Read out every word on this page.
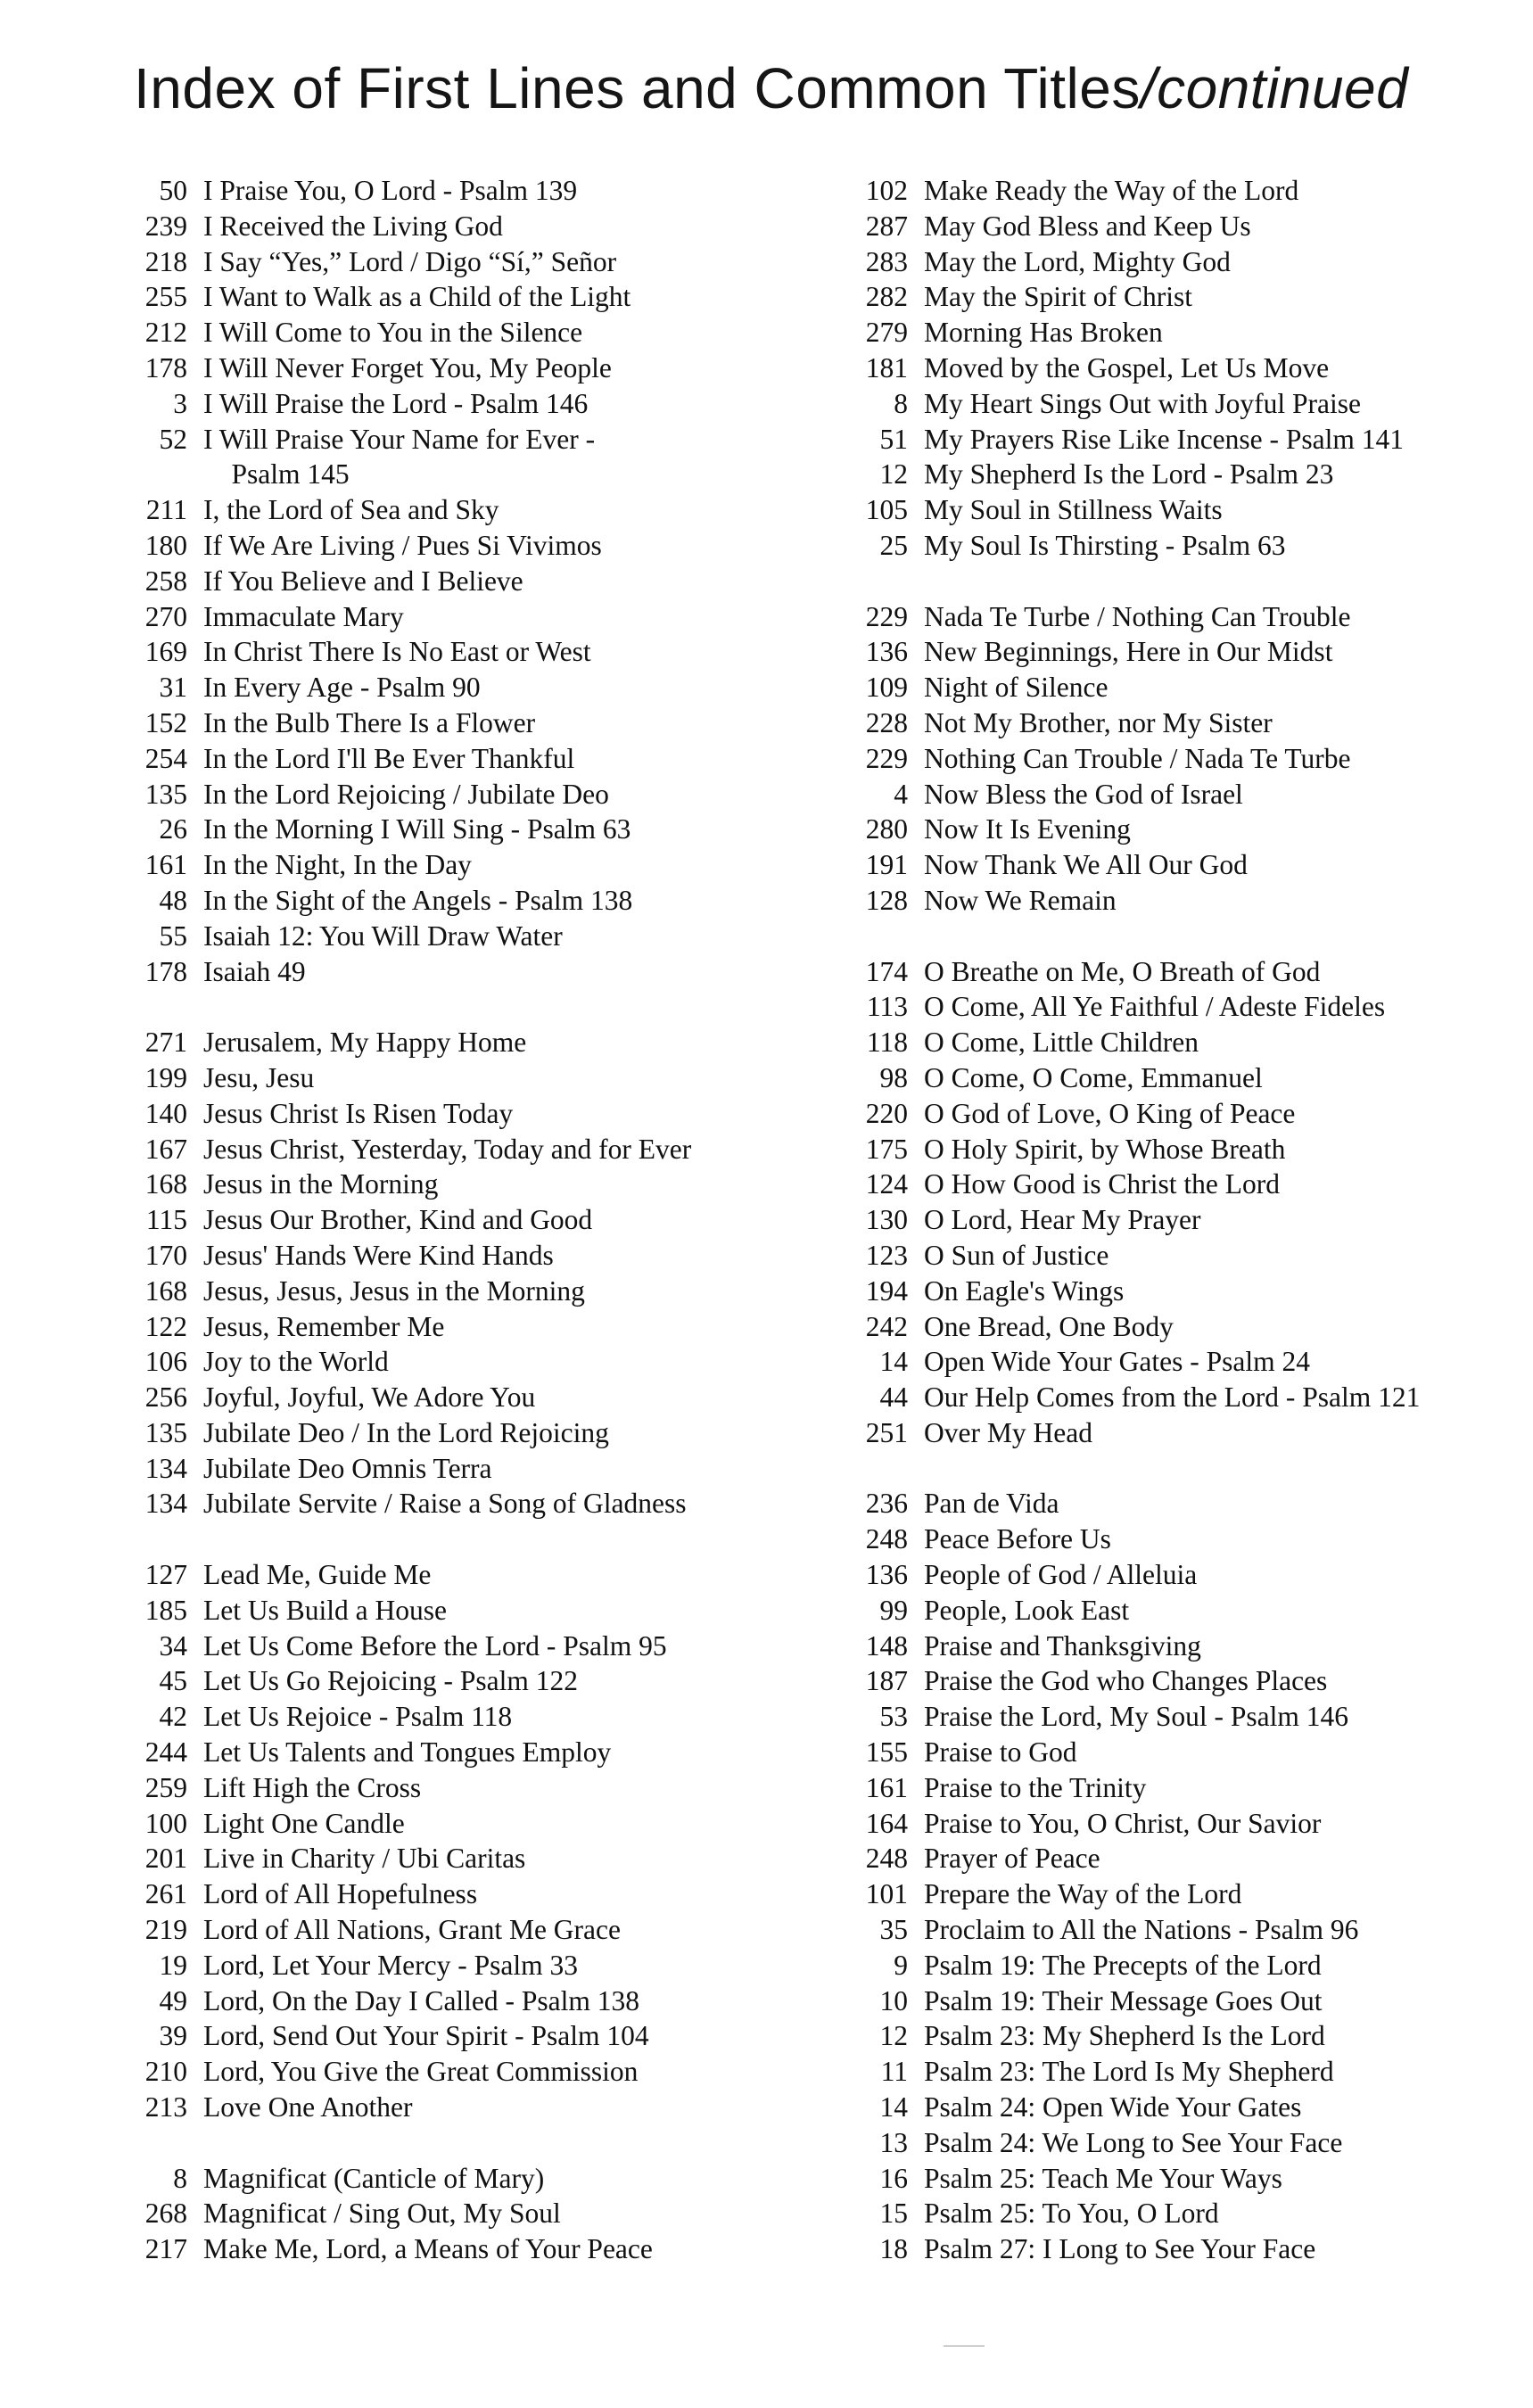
Index of First Lines and Common Titles/continued
50 I Praise You, O Lord - Psalm 139
239 I Received the Living God
218 I Say “Yes,” Lord / Digo “Sí,” Señor
255 I Want to Walk as a Child of the Light
212 I Will Come to You in the Silence
178 I Will Never Forget You, My People
3 I Will Praise the Lord - Psalm 146
52 I Will Praise Your Name for Ever -
Psalm 145
211 I, the Lord of Sea and Sky
180 If We Are Living / Pues Si Vivimos
258 If You Believe and I Believe
270 Immaculate Mary
169 In Christ There Is No East or West
31 In Every Age - Psalm 90
152 In the Bulb There Is a Flower
254 In the Lord I'll Be Ever Thankful
135 In the Lord Rejoicing / Jubilate Deo
26 In the Morning I Will Sing - Psalm 63
161 In the Night, In the Day
48 In the Sight of the Angels - Psalm 138
55 Isaiah 12: You Will Draw Water
178 Isaiah 49
271 Jerusalem, My Happy Home
199 Jesu, Jesu
140 Jesus Christ Is Risen Today
167 Jesus Christ, Yesterday, Today and for Ever
168 Jesus in the Morning
115 Jesus Our Brother, Kind and Good
170 Jesus' Hands Were Kind Hands
168 Jesus, Jesus, Jesus in the Morning
122 Jesus, Remember Me
106 Joy to the World
256 Joyful, Joyful, We Adore You
135 Jubilate Deo / In the Lord Rejoicing
134 Jubilate Deo Omnis Terra
134 Jubilate Servite / Raise a Song of Gladness
127 Lead Me, Guide Me
185 Let Us Build a House
34 Let Us Come Before the Lord - Psalm 95
45 Let Us Go Rejoicing - Psalm 122
42 Let Us Rejoice - Psalm 118
244 Let Us Talents and Tongues Employ
259 Lift High the Cross
100 Light One Candle
201 Live in Charity / Ubi Caritas
261 Lord of All Hopefulness
219 Lord of All Nations, Grant Me Grace
19 Lord, Let Your Mercy - Psalm 33
49 Lord, On the Day I Called - Psalm 138
39 Lord, Send Out Your Spirit - Psalm 104
210 Lord, You Give the Great Commission
213 Love One Another
8 Magnificat (Canticle of Mary)
268 Magnificat / Sing Out, My Soul
217 Make Me, Lord, a Means of Your Peace
102 Make Ready the Way of the Lord
287 May God Bless and Keep Us
283 May the Lord, Mighty God
282 May the Spirit of Christ
279 Morning Has Broken
181 Moved by the Gospel, Let Us Move
8 My Heart Sings Out with Joyful Praise
51 My Prayers Rise Like Incense - Psalm 141
12 My Shepherd Is the Lord - Psalm 23
105 My Soul in Stillness Waits
25 My Soul Is Thirsting - Psalm 63
229 Nada Te Turbe / Nothing Can Trouble
136 New Beginnings, Here in Our Midst
109 Night of Silence
228 Not My Brother, nor My Sister
229 Nothing Can Trouble / Nada Te Turbe
4 Now Bless the God of Israel
280 Now It Is Evening
191 Now Thank We All Our God
128 Now We Remain
174 O Breathe on Me, O Breath of God
113 O Come, All Ye Faithful / Adeste Fideles
118 O Come, Little Children
98 O Come, O Come, Emmanuel
220 O God of Love, O King of Peace
175 O Holy Spirit, by Whose Breath
124 O How Good is Christ the Lord
130 O Lord, Hear My Prayer
123 O Sun of Justice
194 On Eagle's Wings
242 One Bread, One Body
14 Open Wide Your Gates - Psalm 24
44 Our Help Comes from the Lord - Psalm 121
251 Over My Head
236 Pan de Vida
248 Peace Before Us
136 People of God / Alleluia
99 People, Look East
148 Praise and Thanksgiving
187 Praise the God who Changes Places
53 Praise the Lord, My Soul - Psalm 146
155 Praise to God
161 Praise to the Trinity
164 Praise to You, O Christ, Our Savior
248 Prayer of Peace
101 Prepare the Way of the Lord
35 Proclaim to All the Nations - Psalm 96
9 Psalm 19: The Precepts of the Lord
10 Psalm 19: Their Message Goes Out
12 Psalm 23: My Shepherd Is the Lord
11 Psalm 23: The Lord Is My Shepherd
14 Psalm 24: Open Wide Your Gates
13 Psalm 24: We Long to See Your Face
16 Psalm 25: Teach Me Your Ways
15 Psalm 25: To You, O Lord
18 Psalm 27: I Long to See Your Face
